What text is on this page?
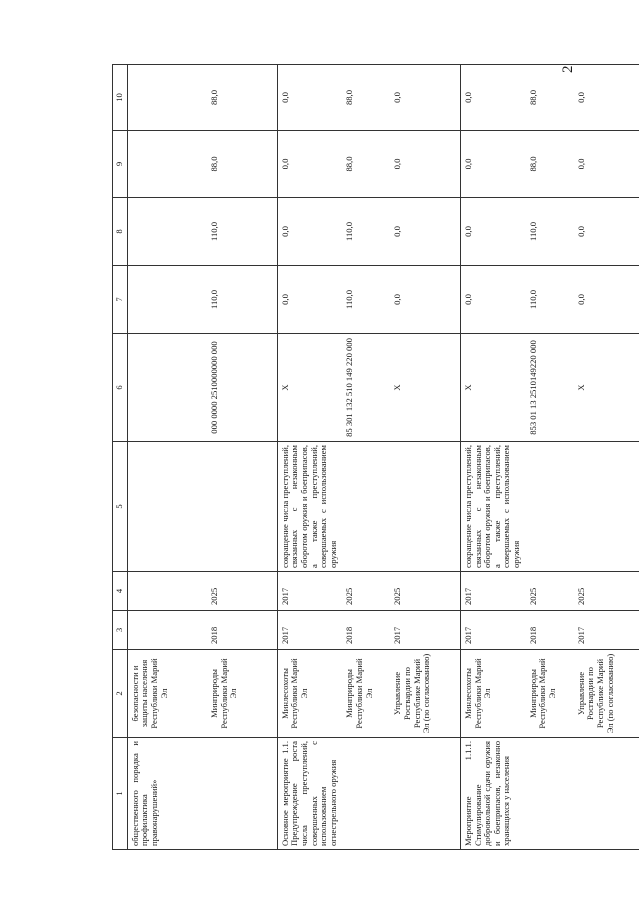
2
1	2	3	4	5	6	7	8	9	10
общественного порядка и профилактика правонарушений»	безопасности и защиты населения Республики Марий Эл								
	Минприроды Республики Марий Эл	2018	2025		000 0000 2510000000 000	110,0	110,0	88,0	88,0
Основное мероприятие 1.1. Предупреждение роста числа преступлений, совершенных с использованием огнестрельного оружия	Минлесохоты Республики Марий Эл	2017	2017	сокращение числа преступлений, связанных с незаконным оборотом оружия и боеприпасов, а также преступлений, совершаемых с использованием оружия	Х	0,0	0,0	0,0	0,0
	Минприроды Республики Марий Эл	2018	2025		85 301 132 510 149 220 000	110,0	110,0	88,0	88,0
	Управление Росгвардии по Республике Марий Эл (по согласованию)	2017	2025		Х	0,0	0,0	0,0	0,0
Мероприятие 1.1.1. Стимулирование добровольной сдачи оружия и боеприпасов, незаконно хранящихся у населения	Минлесохоты Республики Марий Эл	2017	2017	сокращение числа преступлений, связанных с незаконным оборотом оружия и боеприпасов, а также преступлений, совершаемых с использованием оружия	Х	0,0	0,0	0,0	0,0
	Минприроды Республики Марий Эл	2018	2025		853 01 13 2510149220 000	110,0	110,0	88,0	88,0
	Управление Росгвардии по Республике Марий Эл (по согласованию)	2017	2025		Х	0,0	0,0	0,0	0,0
